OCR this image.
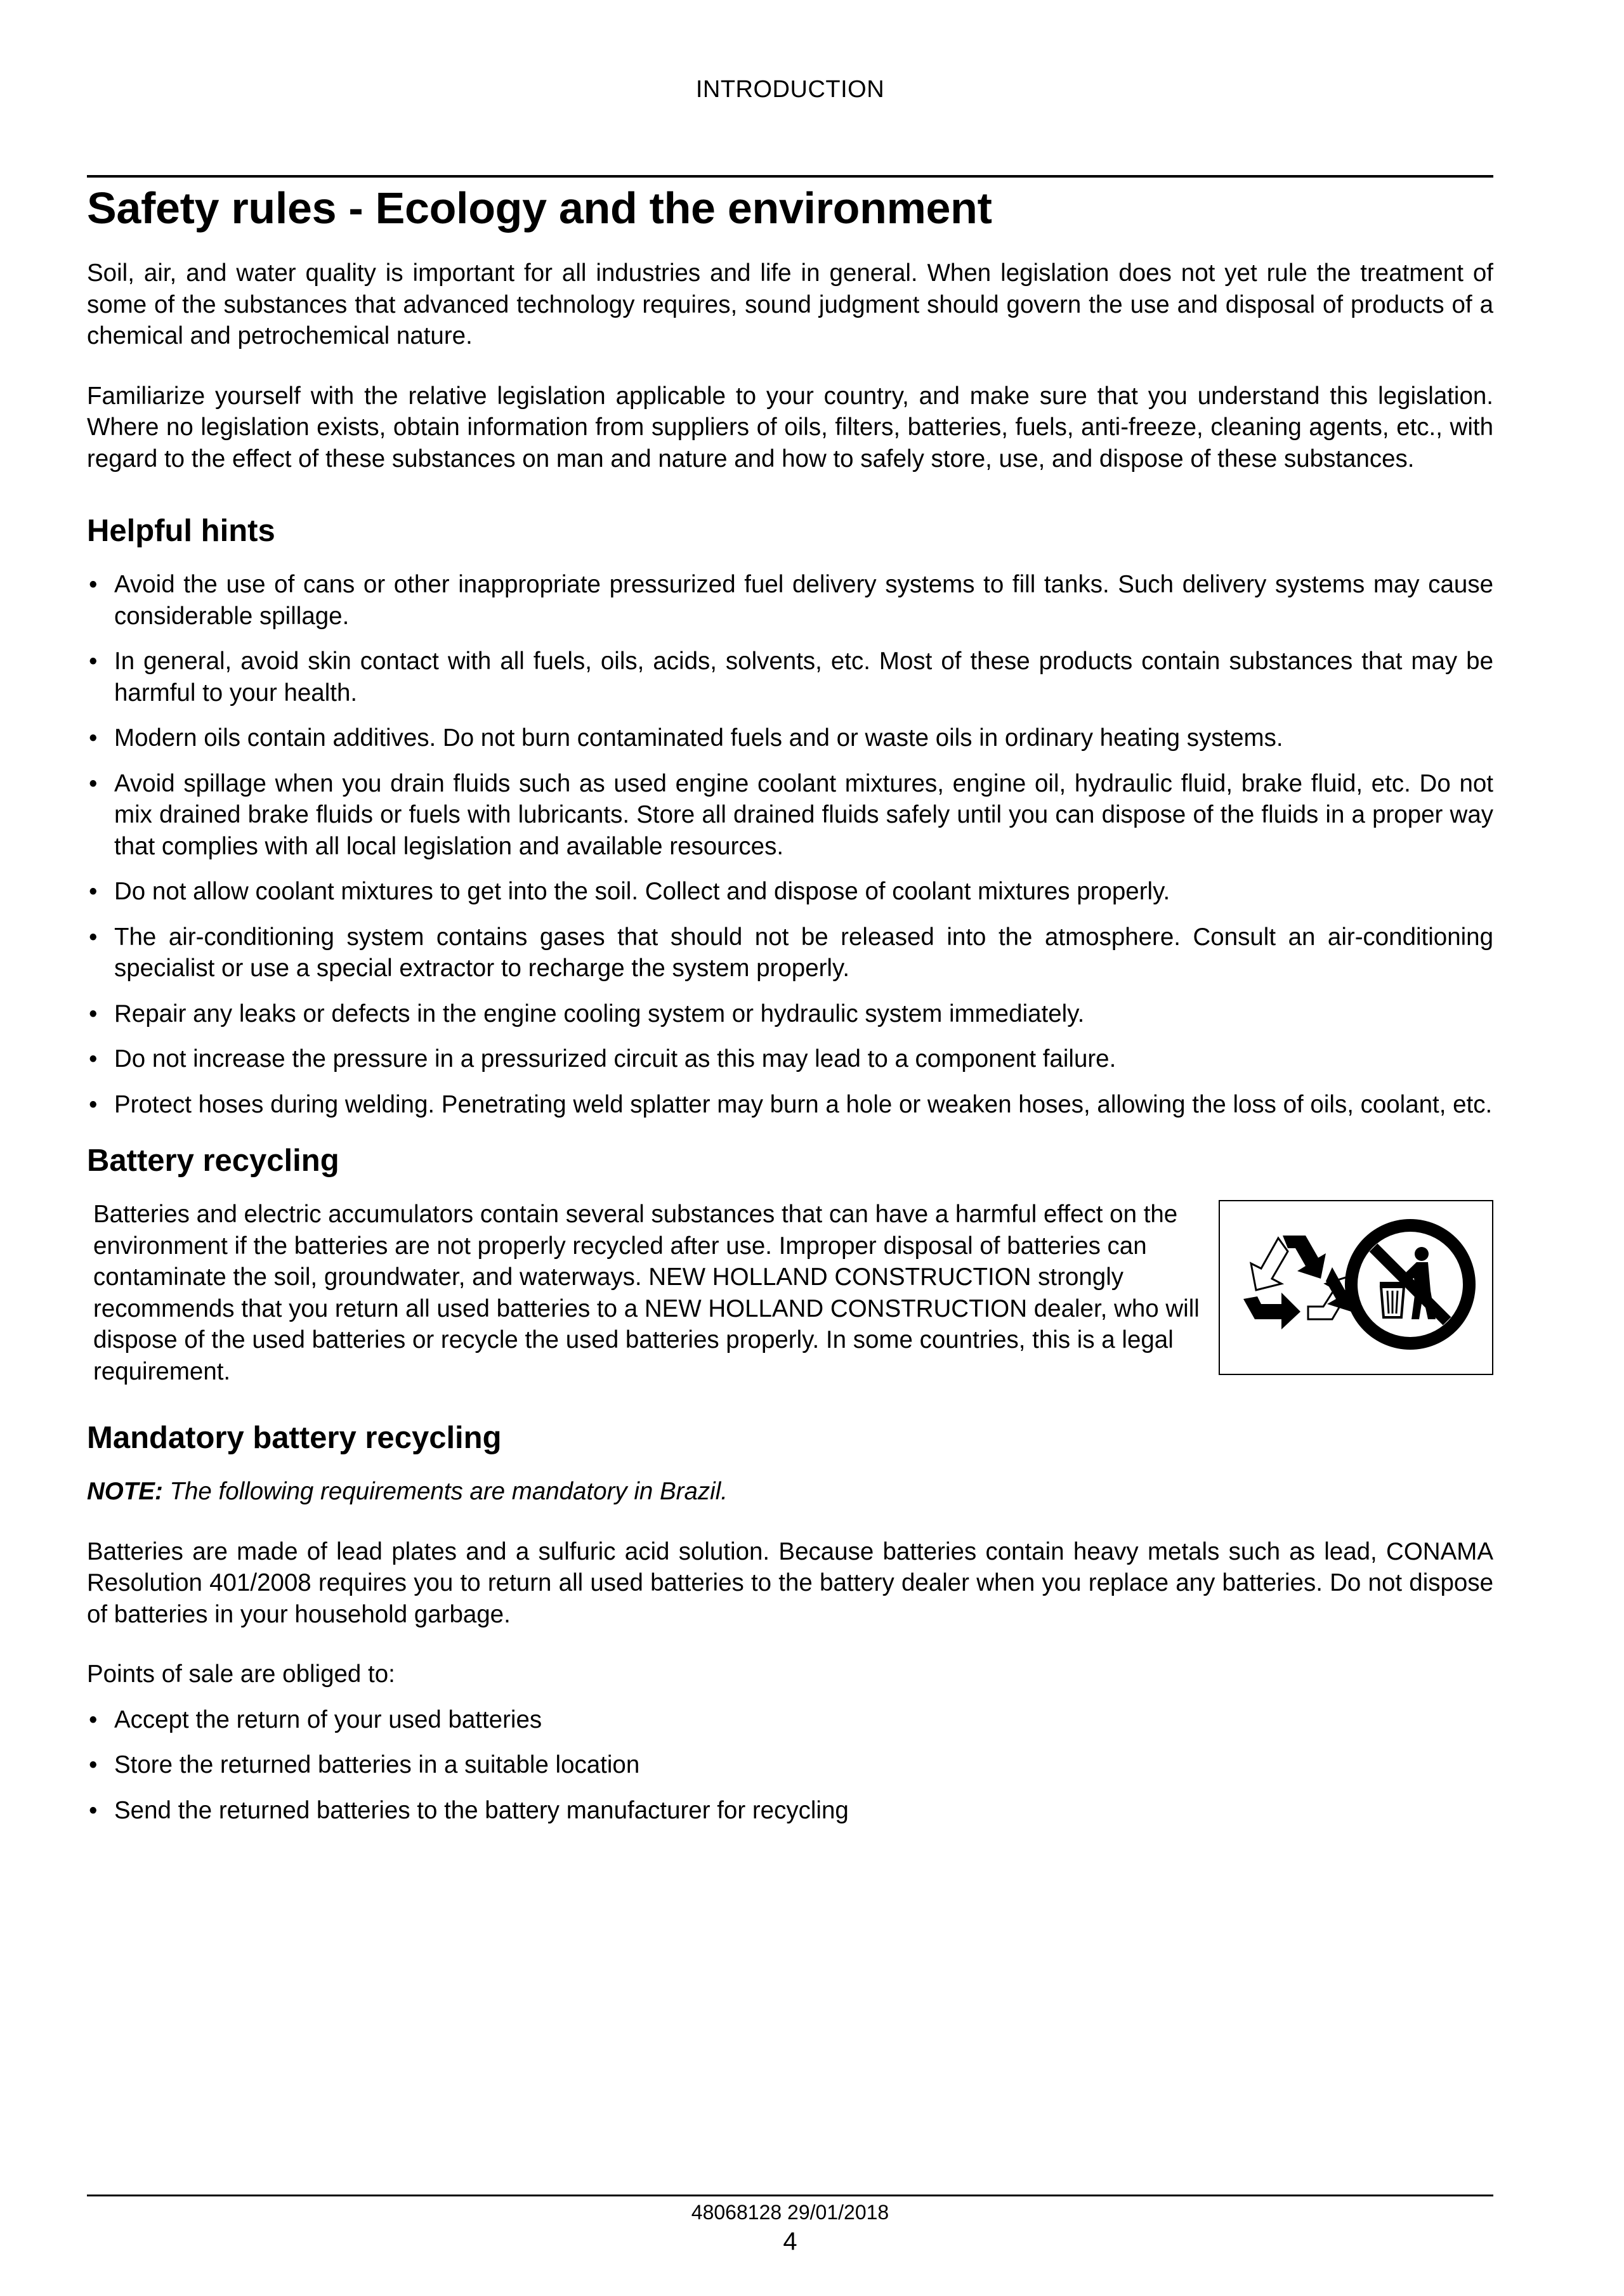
INTRODUCTION
Safety rules - Ecology and the environment

Soil, air, and water quality is important for all industries and life in general. When legislation does not yet rule the treatment of some of the substances that advanced technology requires, sound judgment should govern the use and disposal of products of a chemical and petrochemical nature.

Familiarize yourself with the relative legislation applicable to your country, and make sure that you understand this legislation. Where no legislation exists, obtain information from suppliers of oils, filters, batteries, fuels, anti-freeze, cleaning agents, etc., with regard to the effect of these substances on man and nature and how to safely store, use, and dispose of these substances.

Helpful hints
• Avoid the use of cans or other inappropriate pressurized fuel delivery systems to fill tanks. Such delivery systems may cause considerable spillage.
• In general, avoid skin contact with all fuels, oils, acids, solvents, etc. Most of these products contain substances that may be harmful to your health.
• Modern oils contain additives. Do not burn contaminated fuels and or waste oils in ordinary heating systems.
• Avoid spillage when you drain fluids such as used engine coolant mixtures, engine oil, hydraulic fluid, brake fluid, etc. Do not mix drained brake fluids or fuels with lubricants. Store all drained fluids safely until you can dispose of the fluids in a proper way that complies with all local legislation and available resources.
• Do not allow coolant mixtures to get into the soil. Collect and dispose of coolant mixtures properly.
• The air-conditioning system contains gases that should not be released into the atmosphere. Consult an air-conditioning specialist or use a special extractor to recharge the system properly.
• Repair any leaks or defects in the engine cooling system or hydraulic system immediately.
• Do not increase the pressure in a pressurized circuit as this may lead to a component failure.
• Protect hoses during welding. Penetrating weld splatter may burn a hole or weaken hoses, allowing the loss of oils, coolant, etc.
Battery recycling

Batteries and electric accumulators contain several substances that can have a harmful effect on the environment if the batteries are not properly recycled after use. Improper disposal of batteries can contaminate the soil, groundwater, and waterways. NEW HOLLAND CONSTRUCTION strongly recommends that you return all used batteries to a NEW HOLLAND CONSTRUCTION dealer, who will dispose of the used batteries or recycle the used batteries properly. In some countries, this is a legal requirement.

Mandatory battery recycling

NOTE: The following requirements are mandatory in Brazil.

Batteries are made of lead plates and a sulfuric acid solution. Because batteries contain heavy metals such as lead, CONAMA Resolution 401/2008 requires you to return all used batteries to the battery dealer when you replace any batteries. Do not dispose of batteries in your household garbage.

Points of sale are obliged to:

• Accept the return of your used batteries
• Store the returned batteries in a suitable location
• Send the returned batteries to the battery manufacturer for recycling
48068128 29/01/2018
4
